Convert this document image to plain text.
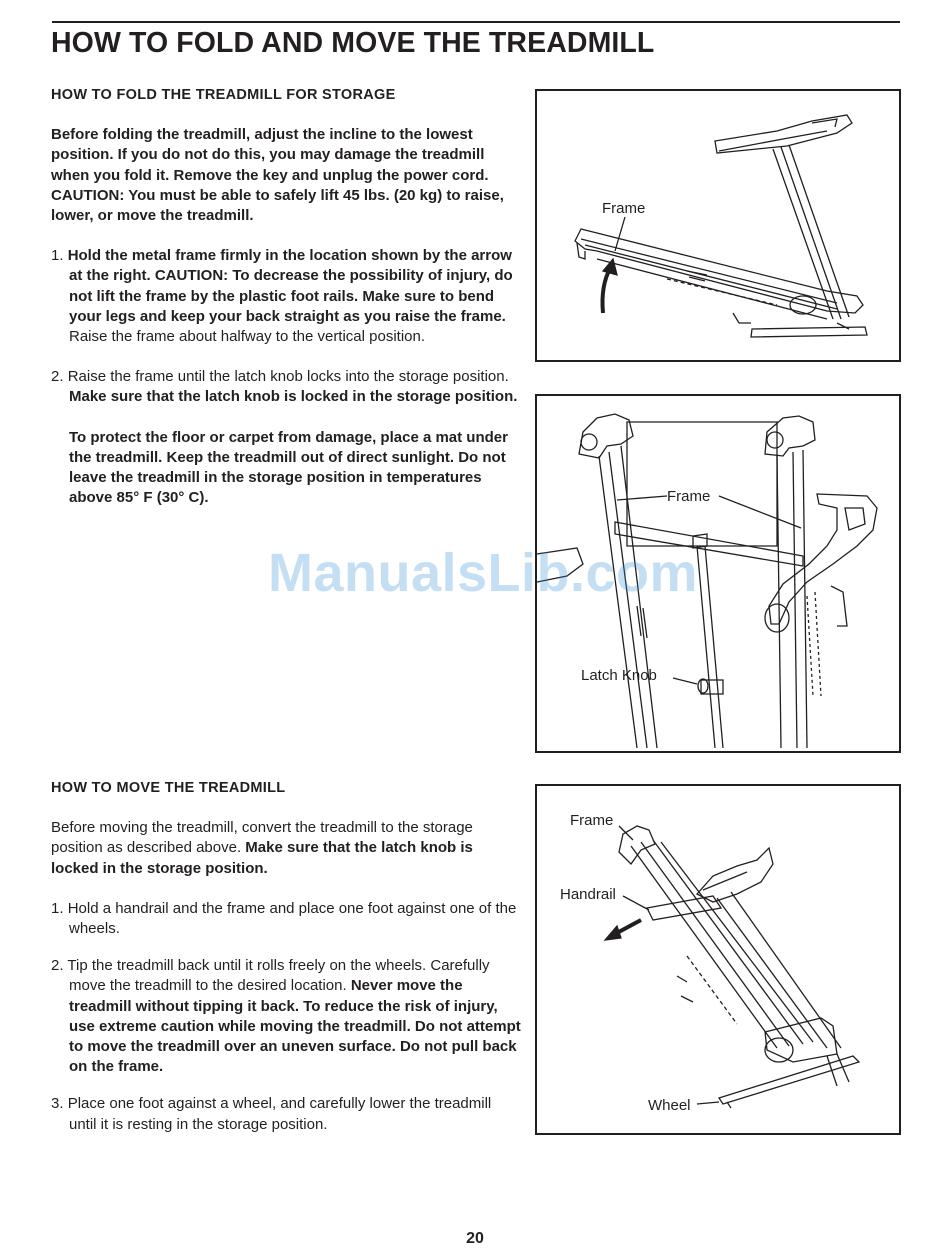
HOW TO FOLD AND MOVE THE TREADMILL

HOW TO FOLD THE TREADMILL FOR STORAGE

Before folding the treadmill, adjust the incline to the lowest position. If you do not do this, you may damage the treadmill when you fold it. Remove the key and unplug the power cord. CAUTION: You must be able to safely lift 45 lbs. (20 kg) to raise, lower, or move the treadmill.

1. Hold the metal frame firmly in the location shown by the arrow at the right. CAUTION: To decrease the possibility of injury, do not lift the frame by the plastic foot rails. Make sure to bend your legs and keep your back straight as you raise the frame. Raise the frame about halfway to the vertical position.

2. Raise the frame until the latch knob locks into the storage position. Make sure that the latch knob is locked in the storage position.

To protect the floor or carpet from damage, place a mat under the treadmill. Keep the treadmill out of direct sunlight. Do not leave the treadmill in the storage position in temperatures above 85° F (30° C).

HOW TO MOVE THE TREADMILL

Before moving the treadmill, convert the treadmill to the storage position as described above. Make sure that the latch knob is locked in the storage position.

1. Hold a handrail and the frame and place one foot against one of the wheels.

2. Tip the treadmill back until it rolls freely on the wheels. Carefully move the treadmill to the desired location. Never move the treadmill without tipping it back. To reduce the risk of injury, use extreme caution while moving the treadmill. Do not attempt to move the treadmill over an uneven surface. Do not pull back on the frame.

3. Place one foot against a wheel, and carefully lower the treadmill until it is resting in the storage position.

Frame
Frame
Latch Knob
Frame
Handrail
Wheel
ManualsLib.com
20
